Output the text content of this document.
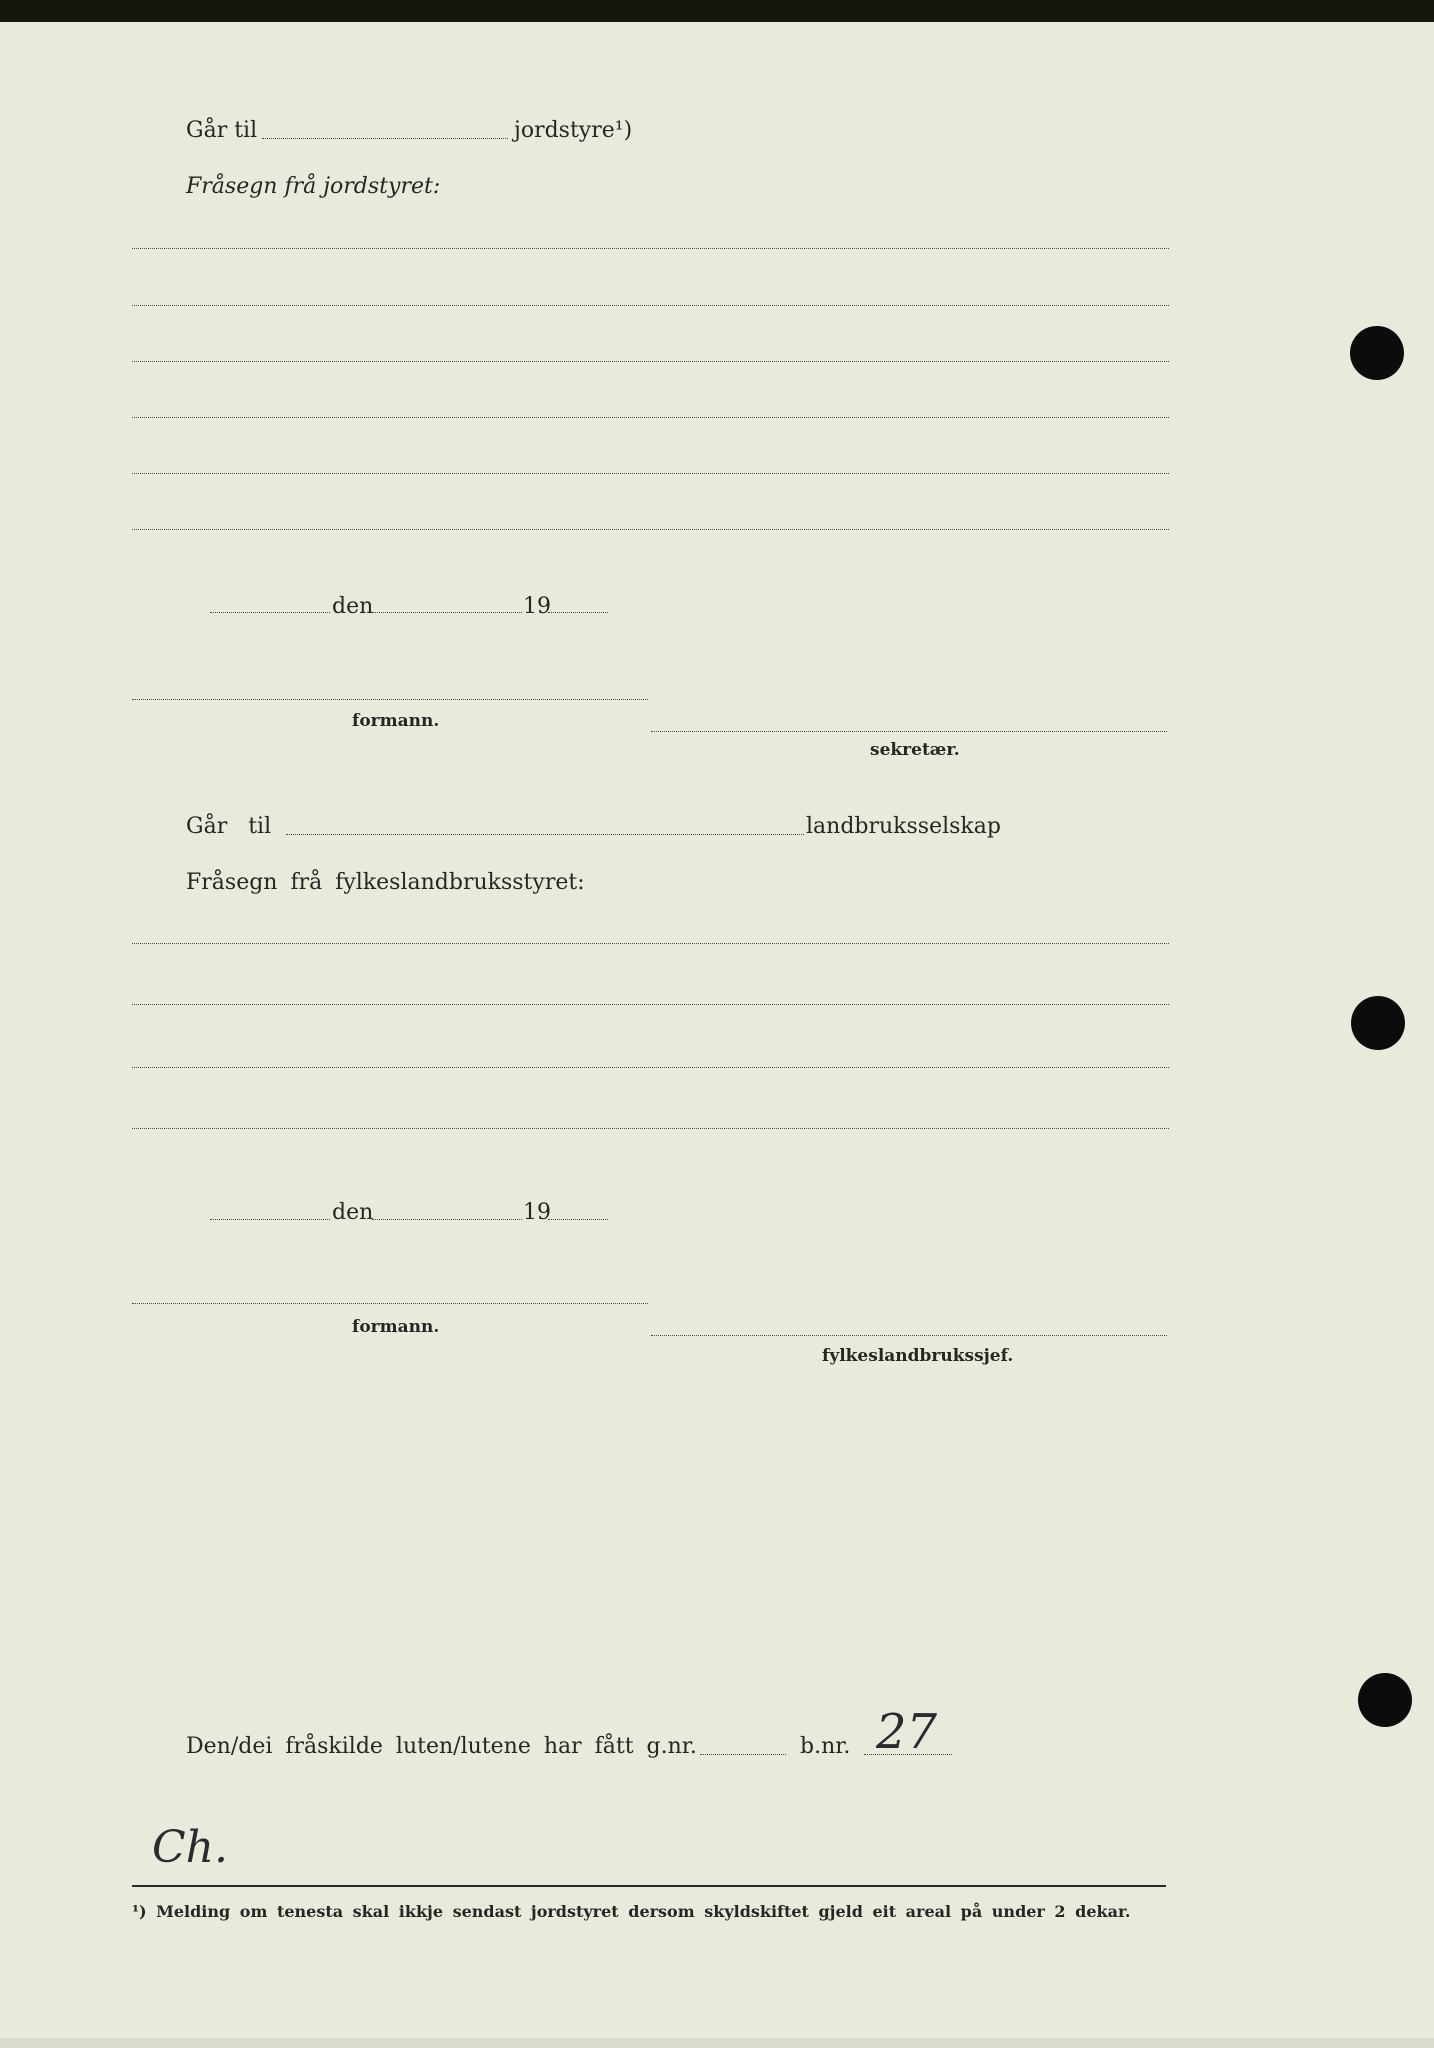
Går til	jordstyre¹)
Fråsegn frå jordstyret:
den	19
formann.
sekretær.
Går til	landbruksselskap
Fråsegn frå fylkeslandbruksstyret:
den	19
formann.
fylkeslandbrukssjef.
Den/dei fråskilde luten/lutene har fått g.nr.	b.nr. 27
Ch.
¹) Melding om tenesta skal ikkje sendast jordstyret dersom skyldskiftet gjeld eit areal på under 2 dekar.
